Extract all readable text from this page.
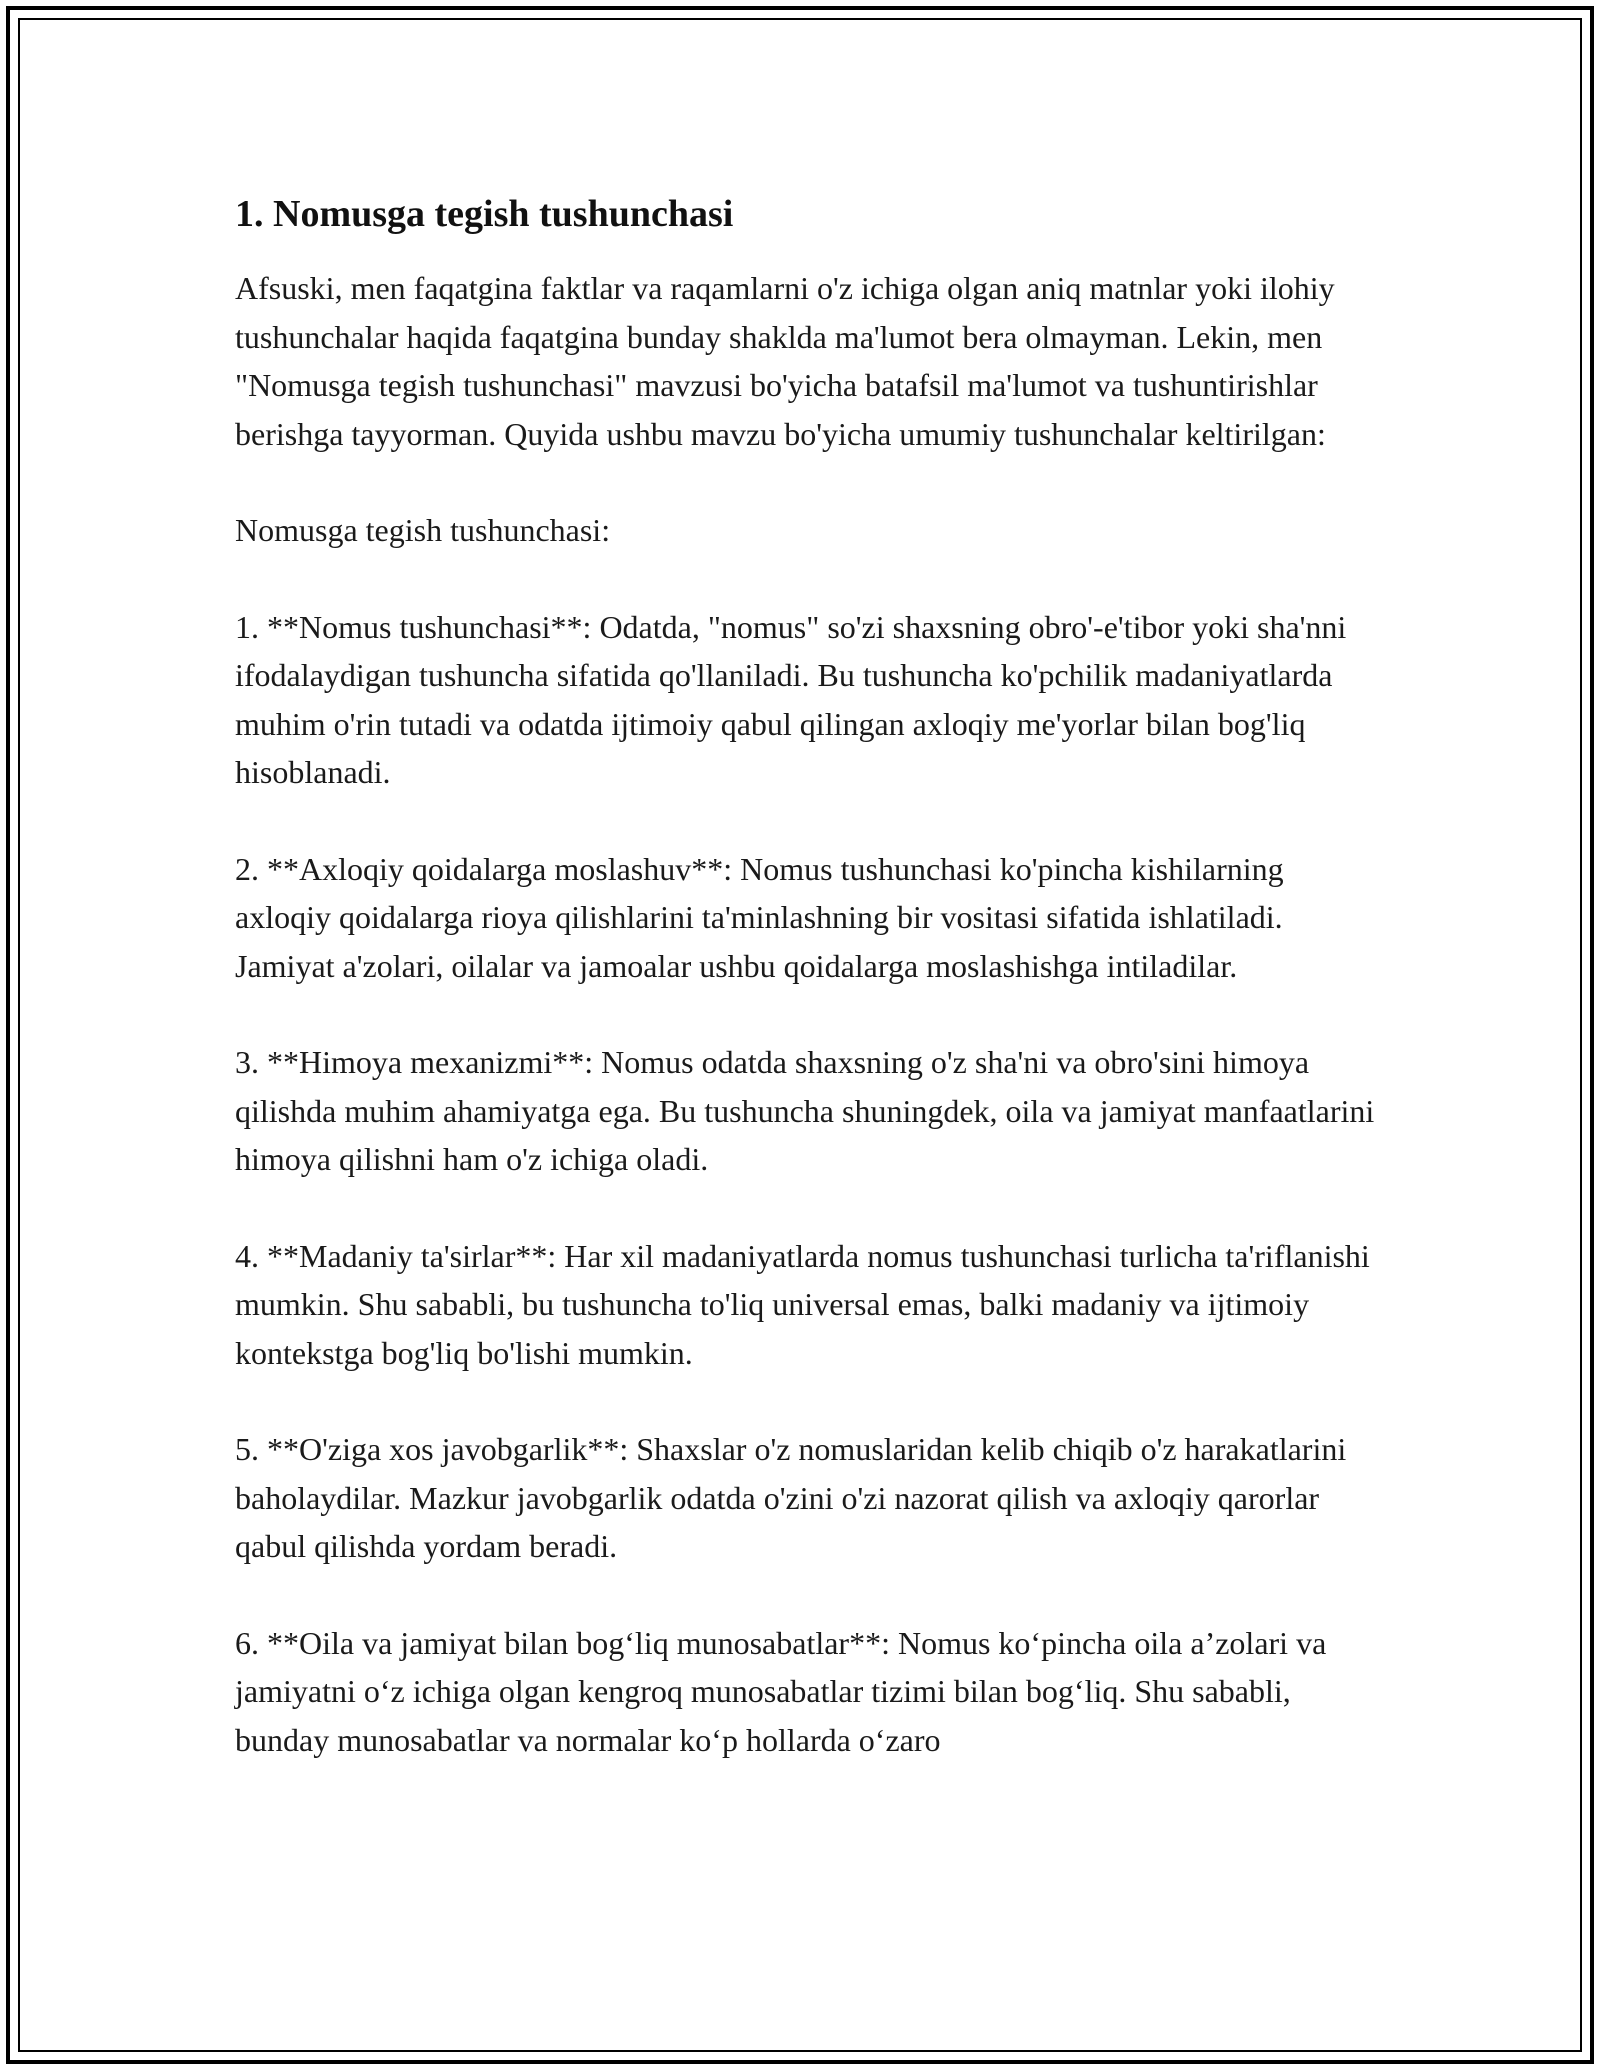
1. Nomusga tegish tushunchasi

Afsuski, men faqatgina faktlar va raqamlarni o'z ichiga olgan aniq matnlar yoki ilohiy tushunchalar haqida faqatgina bunday shakldа ma'lumot bera olmayman. Lekin, men "Nomusga tegish tushunchasi" mavzusi bo'yicha batafsil ma'lumot va tushuntirishlar berishga tayyorman. Quyida ushbu mavzu bo'yicha umumiy tushunchalar keltirilgan:

Nomusga tegish tushunchasi:

1. **Nomus tushunchasi**: Odatda, "nomus" so'zi shaxsning obro'-e'tibor yoki sha'nni ifodalaydigan tushuncha sifatida qo'llaniladi. Bu tushuncha ko'pchilik madaniyatlarda muhim o'rin tutadi va odatda ijtimoiy qabul qilingan axloqiy me'yorlar bilan bog'liq hisoblanadi.

2. **Axloqiy qoidalarga moslashuv**: Nomus tushunchasi ko'pincha kishilarning axloqiy qoidalarga rioya qilishlarini ta'minlashning bir vositasi sifatida ishlatiladi. Jamiyat a'zolari, oilalar va jamoalar ushbu qoidalarga moslashishga intiladilar.

3. **Himoya mexanizmi**: Nomus odatda shaxsning o'z sha'ni va obro'sini himoya qilishda muhim ahamiyatga ega. Bu tushuncha shuningdek, oila va jamiyat manfaatlarini himoya qilishni ham o'z ichiga oladi.

4. **Madaniy ta'sirlar**: Har xil madaniyatlarda nomus tushunchasi turlicha ta'riflanishi mumkin. Shu sababli, bu tushuncha to'liq universal emas, balki madaniy va ijtimoiy kontekstga bog'liq bo'lishi mumkin.

5. **O'ziga xos javobgarlik**: Shaxslar o'z nomuslaridan kelib chiqib o'z harakatlarini baholaydilar. Mazkur javobgarlik odatda o'zini o'zi nazorat qilish va axloqiy qarorlar qabul qilishda yordam beradi.

6. **Oila va jamiyat bilan bog‘liq munosabatlar**: Nomus ko‘pincha oila a’zolari va jamiyatni o‘z ichiga olgan kengroq munosabatlar tizimi bilan bog‘liq. Shu sababli, bunday munosabatlar va normalar ko‘p hollarda o‘zaro
